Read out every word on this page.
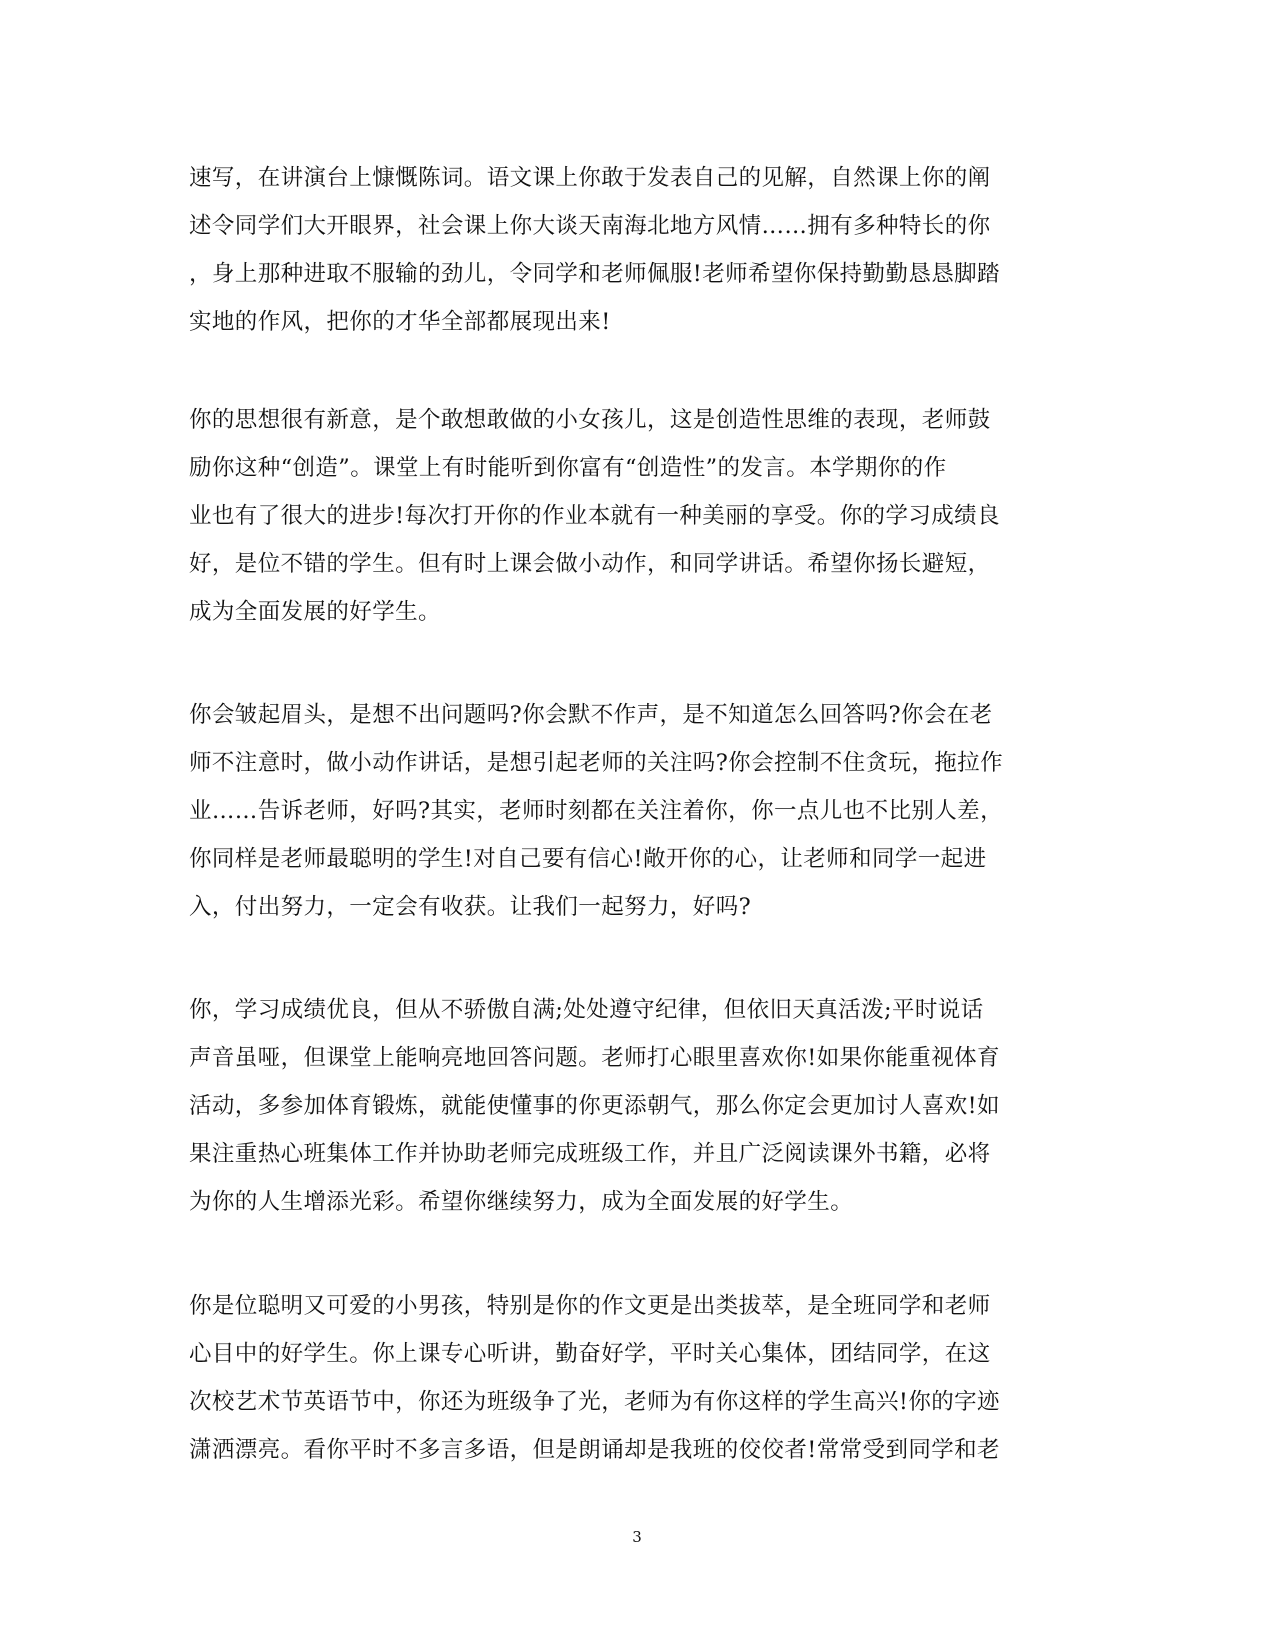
速写，在讲演台上慷慨陈词。语文课上你敢于发表自己的见解，自然课上你的阐
述令同学们大开眼界，社会课上你大谈天南海北地方风情……拥有多种特长的你
，身上那种进取不服输的劲儿，令同学和老师佩服!老师希望你保持勤勤恳恳脚踏
实地的作风，把你的才华全部都展现出来!
你的思想很有新意，是个敢想敢做的小女孩儿，这是创造性思维的表现，老师鼓
励你这种“创造”。课堂上有时能听到你富有“创造性”的发言。本学期你的作
业也有了很大的进步!每次打开你的作业本就有一种美丽的享受。你的学习成绩良
好，是位不错的学生。但有时上课会做小动作，和同学讲话。希望你扬长避短，
成为全面发展的好学生。
你会皱起眉头，是想不出问题吗?你会默不作声，是不知道怎么回答吗?你会在老
师不注意时，做小动作讲话，是想引起老师的关注吗?你会控制不住贪玩，拖拉作
业……告诉老师，好吗?其实，老师时刻都在关注着你，你一点儿也不比别人差，
你同样是老师最聪明的学生!对自己要有信心!敞开你的心，让老师和同学一起进
入，付出努力，一定会有收获。让我们一起努力，好吗?
你，学习成绩优良，但从不骄傲自满;处处遵守纪律，但依旧天真活泼;平时说话
声音虽哑，但课堂上能响亮地回答问题。老师打心眼里喜欢你!如果你能重视体育
活动，多参加体育锻炼，就能使懂事的你更添朝气，那么你定会更加讨人喜欢!如
果注重热心班集体工作并协助老师完成班级工作，并且广泛阅读课外书籍，必将
为你的人生增添光彩。希望你继续努力，成为全面发展的好学生。
你是位聪明又可爱的小男孩，特别是你的作文更是出类拔萃，是全班同学和老师
心目中的好学生。你上课专心听讲，勤奋好学，平时关心集体，团结同学，在这
次校艺术节英语节中，你还为班级争了光，老师为有你这样的学生高兴!你的字迹
潇洒漂亮。看你平时不多言多语，但是朗诵却是我班的佼佼者!常常受到同学和老
3
